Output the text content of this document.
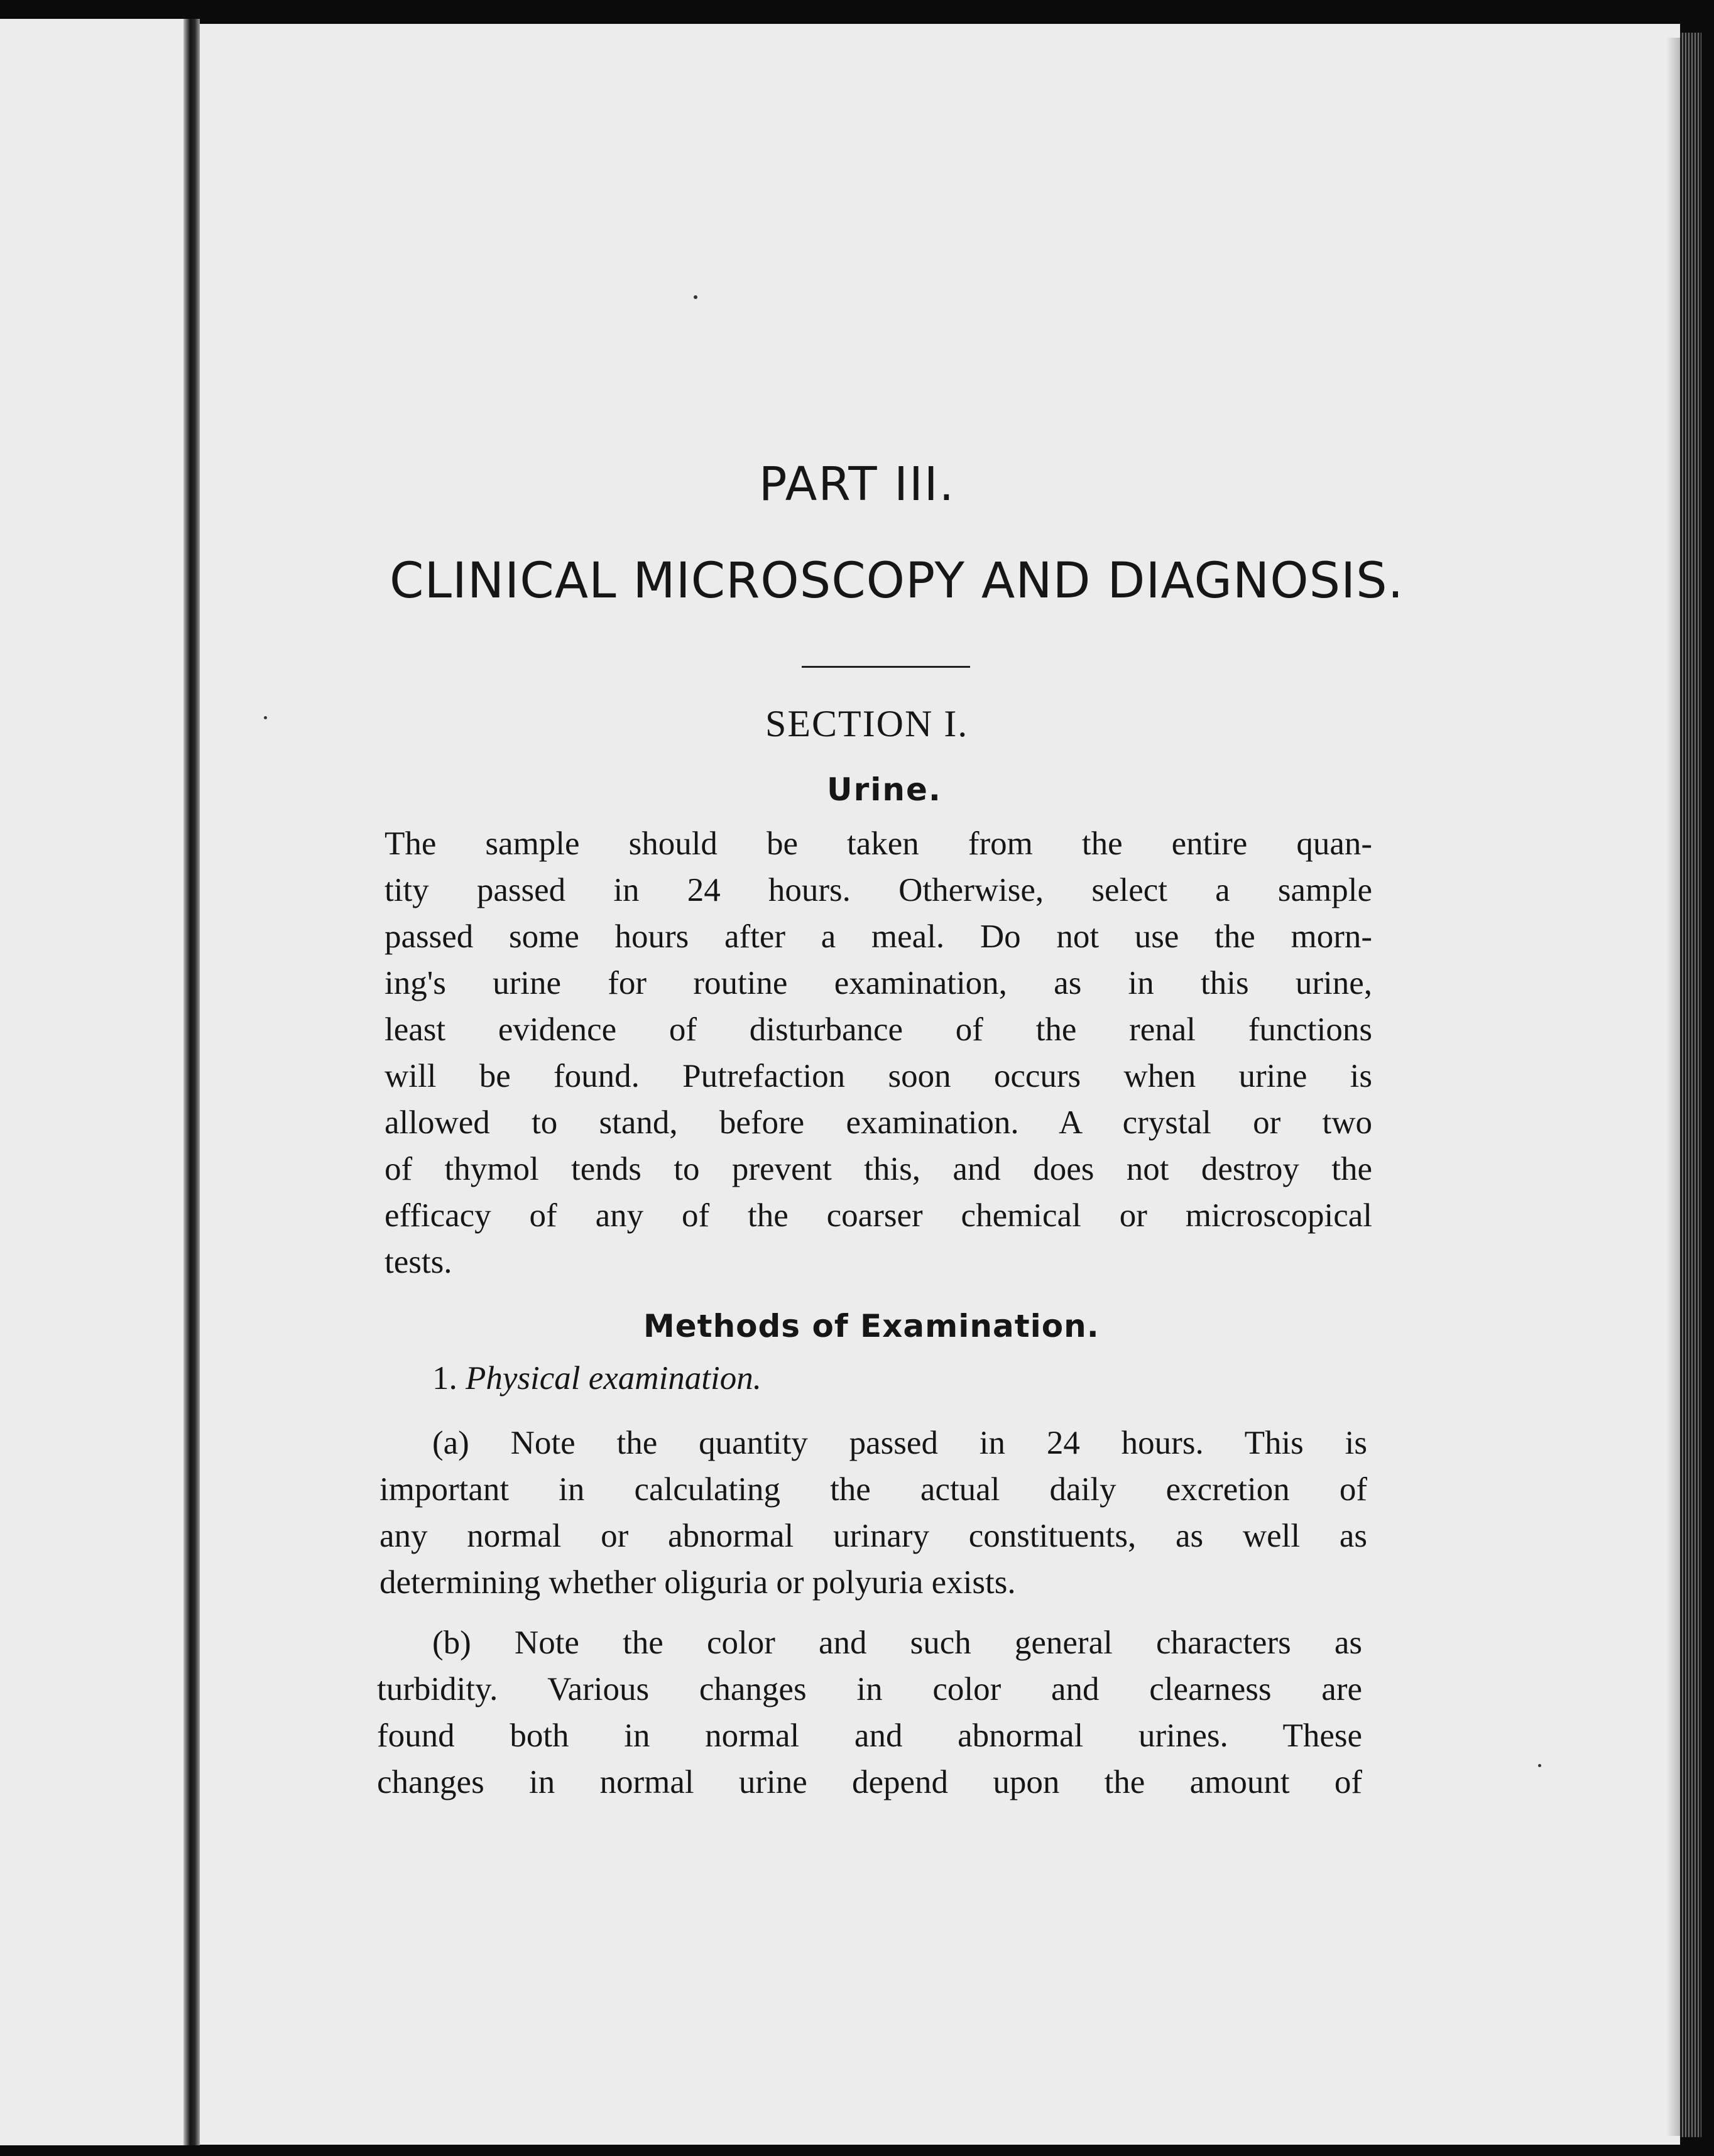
PART III.

CLINICAL MICROSCOPY AND DIAGNOSIS.

SECTION I.

Urine.

The sample should be taken from the entire quan-

tity passed in 24 hours. Otherwise, select a sample

passed some hours after a meal. Do not use the morn-

ing's urine for routine examination, as in this urine,

least evidence of disturbance of the renal functions

will be found. Putrefaction soon occurs when urine is

allowed to stand, before examination. A crystal or two

of thymol tends to prevent this, and does not destroy the

efficacy of any of the coarser chemical or microscopical

tests.

Methods of Examination.

1. Physical examination.

(a) Note the quantity passed in 24 hours. This is

important in calculating the actual daily excretion of

any normal or abnormal urinary constituents, as well as

determining whether oliguria or polyuria exists.

(b) Note the color and such general characters as

turbidity. Various changes in color and clearness are

found both in normal and abnormal urines. These

changes in normal urine depend upon the amount of
